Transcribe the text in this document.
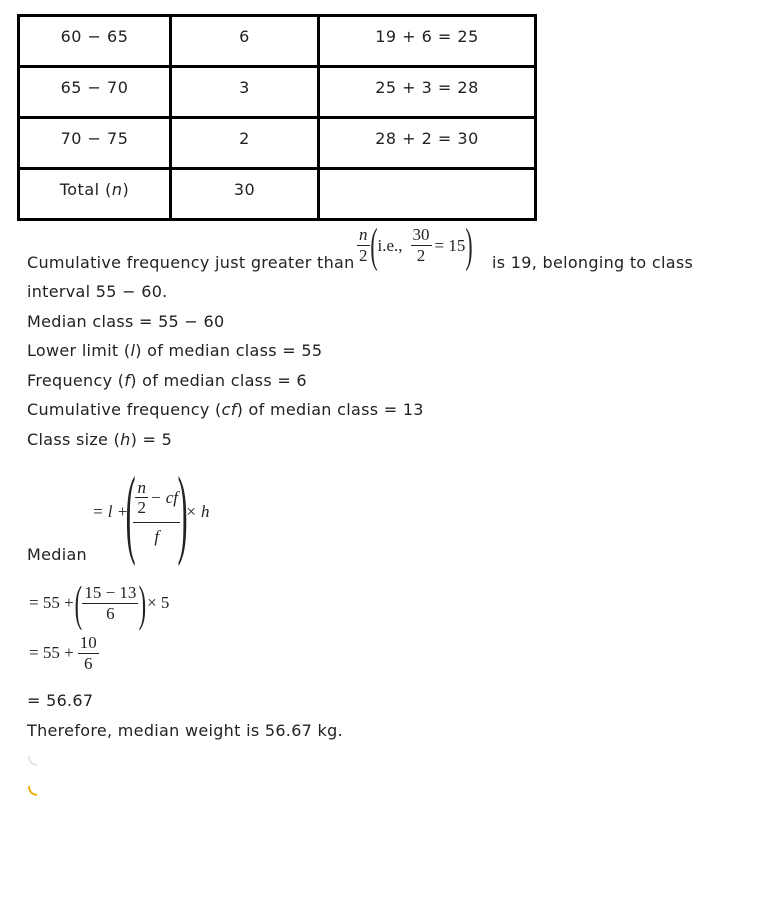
60 − 65	6	19 + 6 = 25
65 − 70	3	25 + 3 = 28
70 − 75	2	28 + 2 = 30
Total (n)	30	
Cumulative frequency just greater than $\frac{n}{2}$ ( i.e., $\frac{30}{2} = 15$ ) is 19, belonging to class
interval 55 − 60.
Median class = 55 − 60
Lower limit (l) of median class = 55
Frequency (f) of median class = 6
Cumulative frequency (cf) of median class = 13
Class size (h) = 5
= l +
(
$\frac{\frac{n}{2} - cf}{f}$
)
× h
Median
= 55 + ( $\frac{15 - 13}{6}$ ) × 5
= $55 + \frac{10}{6}$
= 56.67
Therefore, median weight is 56.67 kg.
